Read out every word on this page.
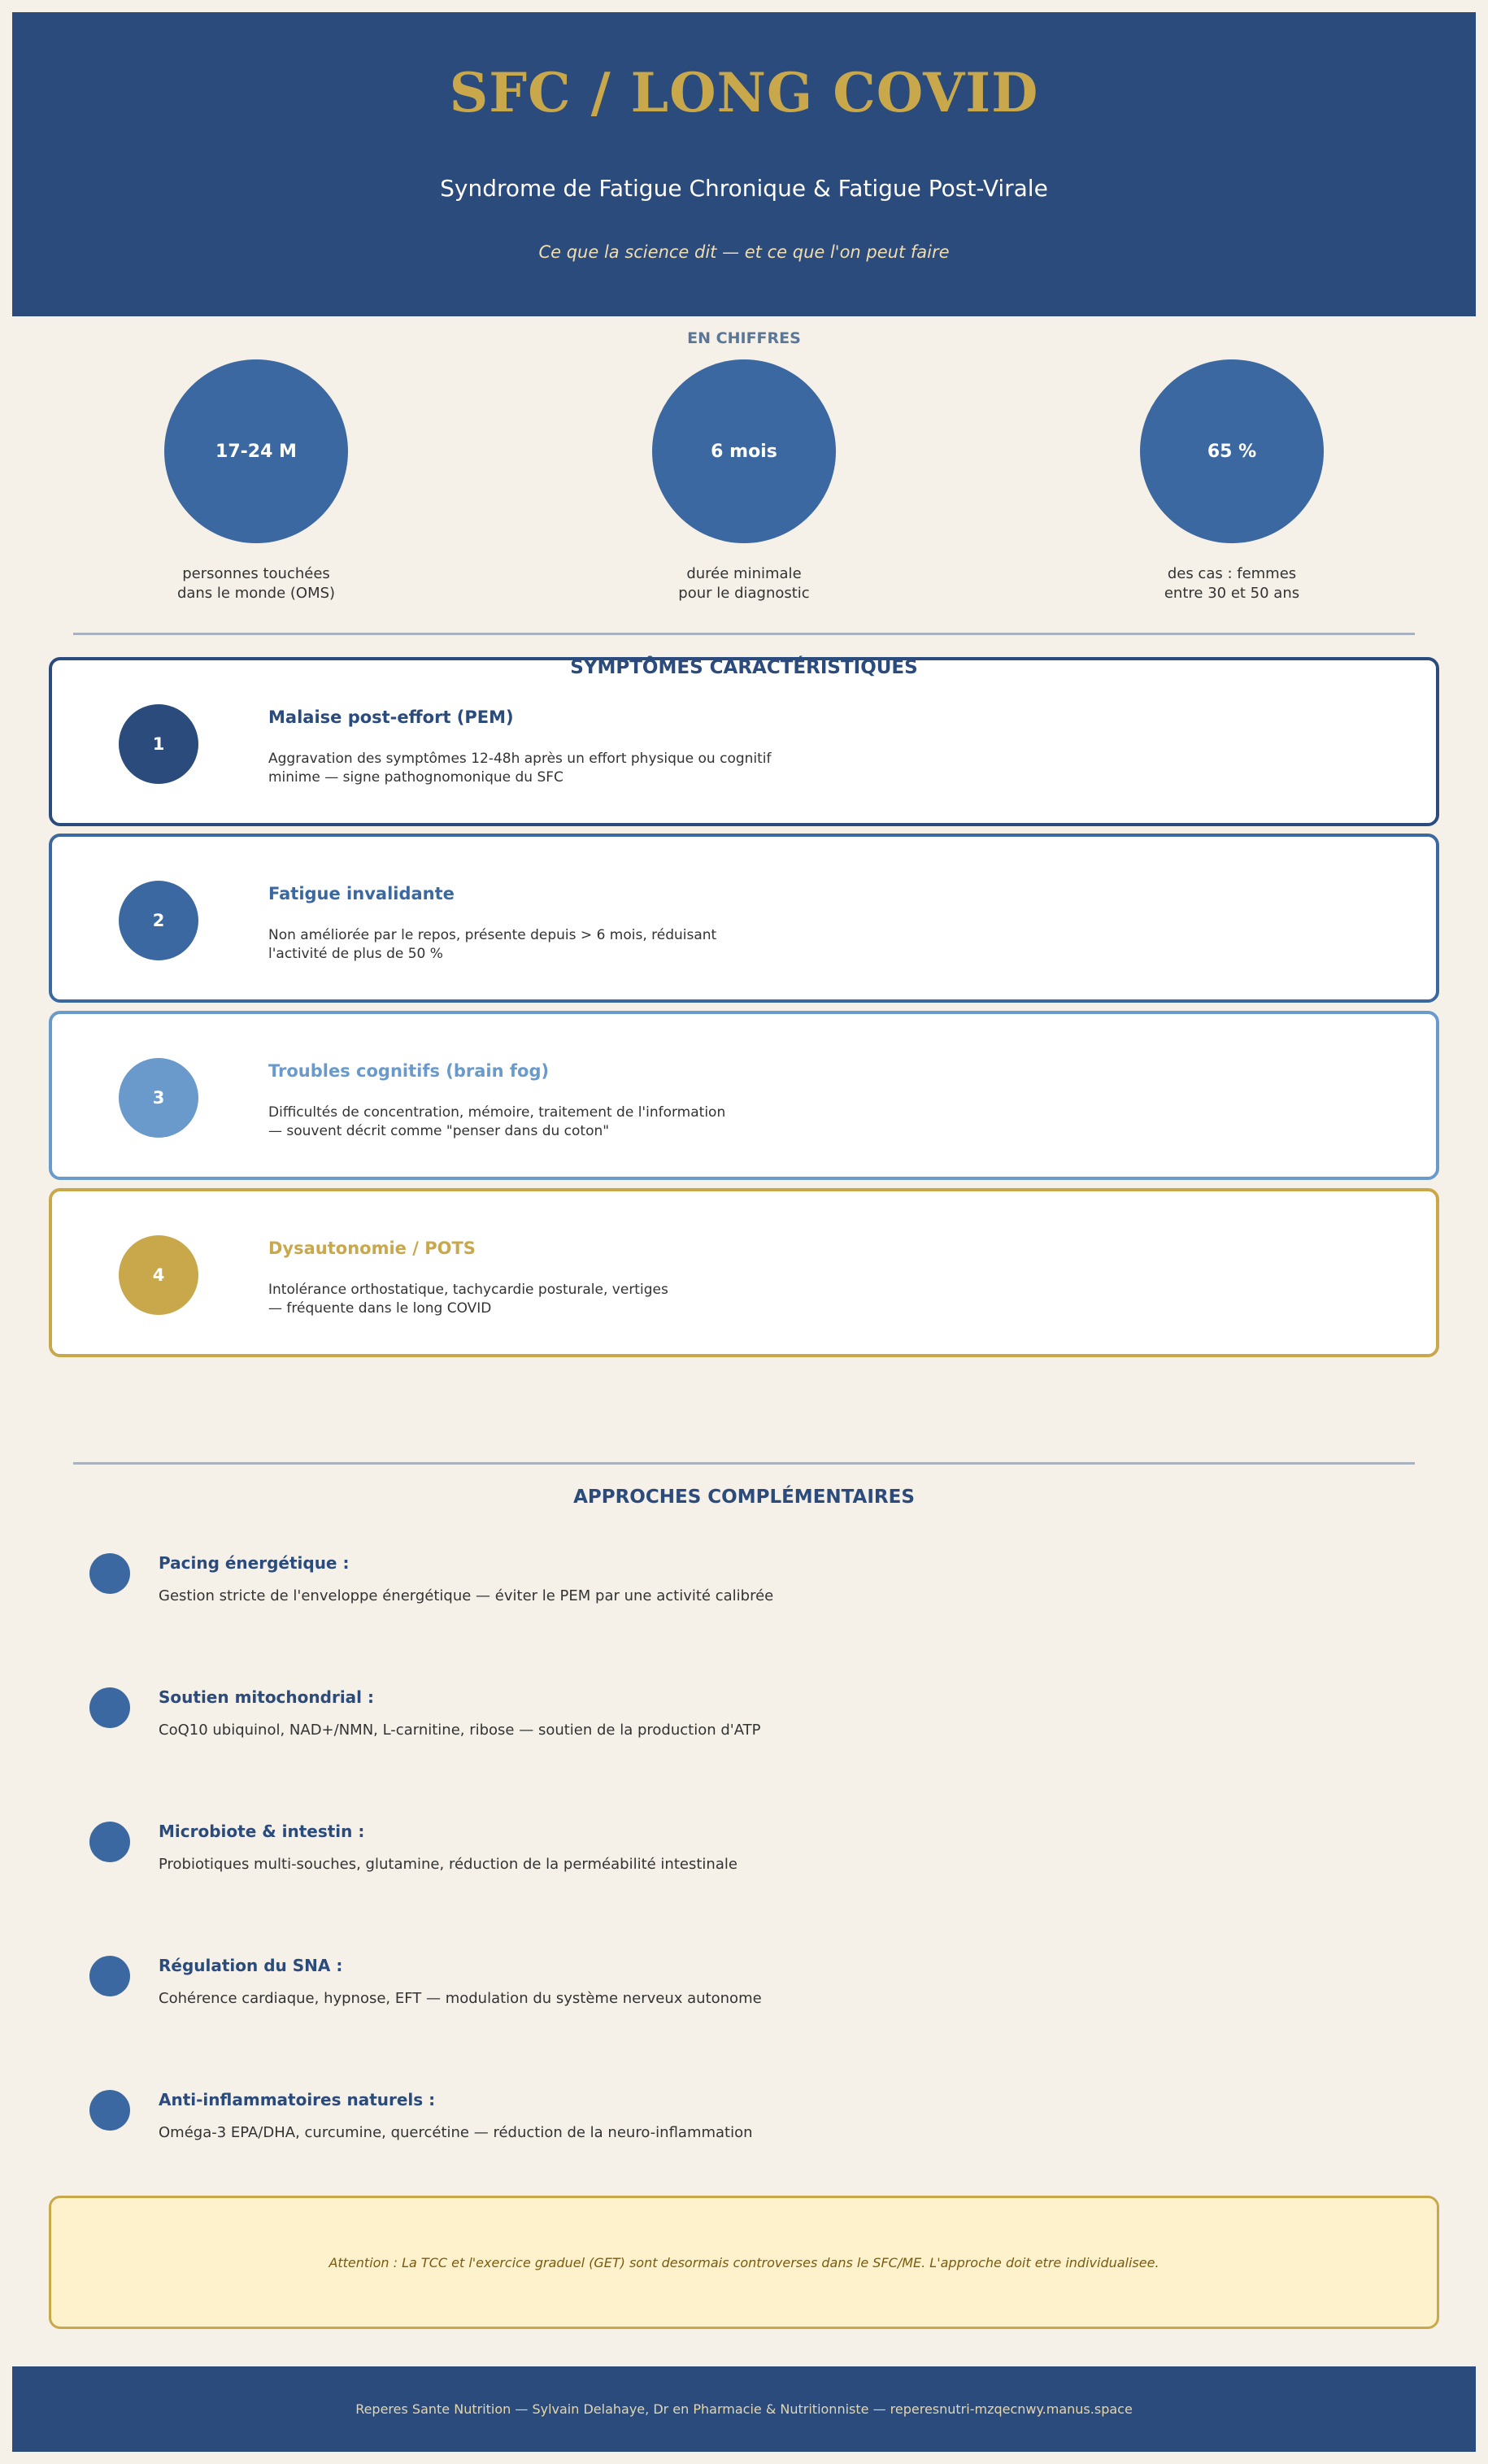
SFC / LONG COVID
Syndrome de Fatigue Chronique & Fatigue Post-Virale
Ce que la science dit — et ce que l'on peut faire
EN CHIFFRES
17-24 M
personnes touchées
dans le monde (OMS)
6 mois
durée minimale
pour le diagnostic
65 %
des cas : femmes
entre 30 et 50 ans
1
Malaise post-effort (PEM)
Aggravation des symptômes 12-48h après un effort physique ou cognitif
minime — signe pathognomonique du SFC
SYMPTÔMES CARACTÉRISTIQUES
2
Fatigue invalidante
Non améliorée par le repos, présente depuis > 6 mois, réduisant
l'activité de plus de 50 %
3
Troubles cognitifs (brain fog)
Difficultés de concentration, mémoire, traitement de l'information
— souvent décrit comme "penser dans du coton"
4
Dysautonomie / POTS
Intolérance orthostatique, tachycardie posturale, vertiges
— fréquente dans le long COVID
APPROCHES COMPLÉMENTAIRES
Pacing énergétique :
Gestion stricte de l'enveloppe énergétique — éviter le PEM par une activité calibrée
Soutien mitochondrial :
CoQ10 ubiquinol, NAD+/NMN, L-carnitine, ribose — soutien de la production d'ATP
Microbiote & intestin :
Probiotiques multi-souches, glutamine, réduction de la perméabilité intestinale
Régulation du SNA :
Cohérence cardiaque, hypnose, EFT — modulation du système nerveux autonome
Anti-inflammatoires naturels :
Oméga-3 EPA/DHA, curcumine, quercétine — réduction de la neuro-inflammation
Attention : La TCC et l'exercice graduel (GET) sont desormais controverses dans le SFC/ME. L'approche doit etre individualisee.
Reperes Sante Nutrition — Sylvain Delahaye, Dr en Pharmacie & Nutritionniste — reperesnutri-mzqecnwy.manus.space
